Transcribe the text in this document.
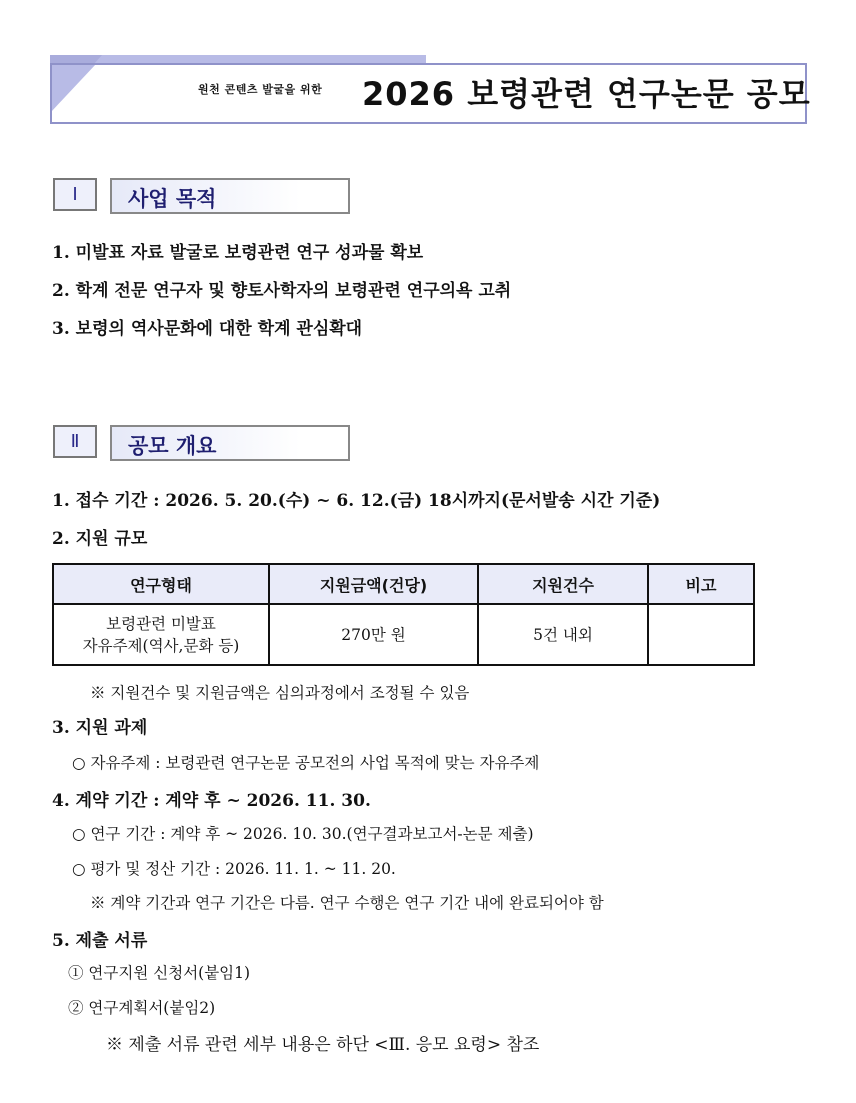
원천 콘텐츠 발굴을 위한 2026 보령관련 연구논문 공모
Ⅰ	사업 목적
1. 미발표 자료 발굴로 보령관련 연구 성과물 확보
2. 학계 전문 연구자 및 향토사학자의 보령관련 연구의욕 고취
3. 보령의 역사문화에 대한 학계 관심확대
Ⅱ	공모 개요
1. 접수 기간 : 2026. 5. 20.(수) ~ 6. 12.(금) 18시까지(문서발송 시간 기준)
2. 지원 규모
연구형태	지원금액(건당)	지원건수	비고

보령관련 미발표
자유주제(역사,문화 등)	270만 원	5건 내외	
※ 지원건수 및 지원금액은 심의과정에서 조정될 수 있음
3. 지원 과제
○ 자유주제 : 보령관련 연구논문 공모전의 사업 목적에 맞는 자유주제
4. 계약 기간 : 계약 후 ~ 2026. 11. 30.
○ 연구 기간 : 계약 후 ~ 2026. 10. 30.(연구결과보고서-논문 제출)
○ 평가 및 정산 기간 : 2026. 11. 1. ~ 11. 20.
※ 계약 기간과 연구 기간은 다름. 연구 수행은 연구 기간 내에 완료되어야 함
5. 제출 서류
① 연구지원 신청서(붙임1)
② 연구계획서(붙임2)
※ 제출 서류 관련 세부 내용은 하단 <Ⅲ. 응모 요령> 참조
